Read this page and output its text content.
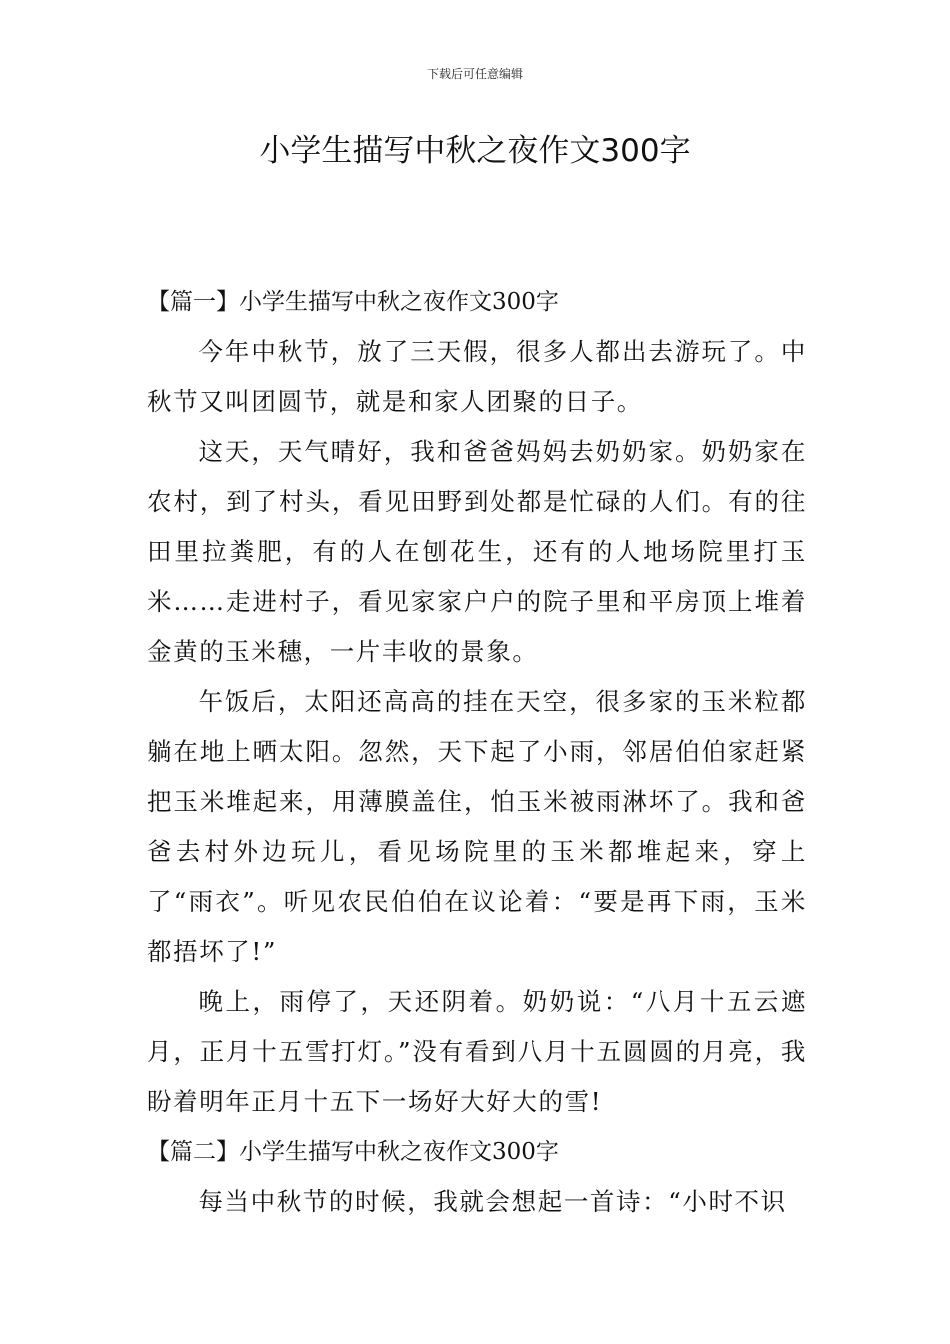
下载后可任意编辑
小学生描写中秋之夜作文300字

【篇一】小学生描写中秋之夜作文300字

今年中秋节，放了三天假，很多人都出去游玩了。中秋节又叫团圆节，就是和家人团聚的日子。

这天，天气晴好，我和爸爸妈妈去奶奶家。奶奶家在农村，到了村头，看见田野到处都是忙碌的人们。有的往田里拉粪肥，有的人在刨花生，还有的人地场院里打玉米……走进村子，看见家家户户的院子里和平房顶上堆着金黄的玉米穗，一片丰收的景象。

午饭后，太阳还高高的挂在天空，很多家的玉米粒都躺在地上晒太阳。忽然，天下起了小雨，邻居伯伯家赶紧把玉米堆起来，用薄膜盖住，怕玉米被雨淋坏了。我和爸爸去村外边玩儿，看见场院里的玉米都堆起来，穿上了“雨衣”。听见农民伯伯在议论着：“要是再下雨，玉米都捂坏了!”

晚上，雨停了，天还阴着。奶奶说：“八月十五云遮月，正月十五雪打灯。”没有看到八月十五圆圆的月亮，我盼着明年正月十五下一场好大好大的雪!

【篇二】小学生描写中秋之夜作文300字

每当中秋节的时候，我就会想起一首诗：“小时不识
